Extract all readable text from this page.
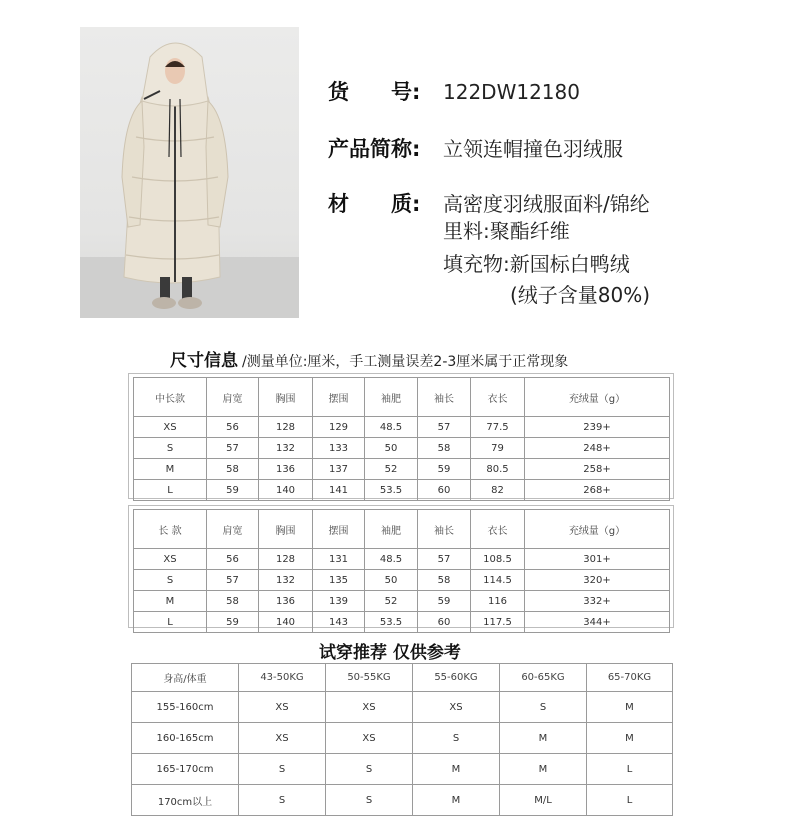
货　　号:	122DW12180
产品简称:	立领连帽撞色羽绒服
材　　质:	高密度羽绒服面料/锦纶
里料:聚酯纤维
填充物:新国标白鸭绒
(绒子含量80%)
尺寸信息 /测量单位:厘米，手工测量误差2-3厘米属于正常现象
中长款	肩宽	胸围	摆围	袖肥	袖长	衣长	充绒量（g）
XS	56	128	129	48.5	57	77.5	239+
S	57	132	133	50	58	79	248+
M	58	136	137	52	59	80.5	258+
L	59	140	141	53.5	60	82	268+
长 款	肩宽	胸围	摆围	袖肥	袖长	衣长	充绒量（g）
XS	56	128	131	48.5	57	108.5	301+
S	57	132	135	50	58	114.5	320+
M	58	136	139	52	59	116	332+
L	59	140	143	53.5	60	117.5	344+
试穿推荐 仅供参考
身高/体重	43-50KG	50-55KG	55-60KG	60-65KG	65-70KG
155-160cm	XS	XS	XS	S	M
160-165cm	XS	XS	S	M	M
165-170cm	S	S	M	M	L
170cm以上	S	S	M	M/L	L
